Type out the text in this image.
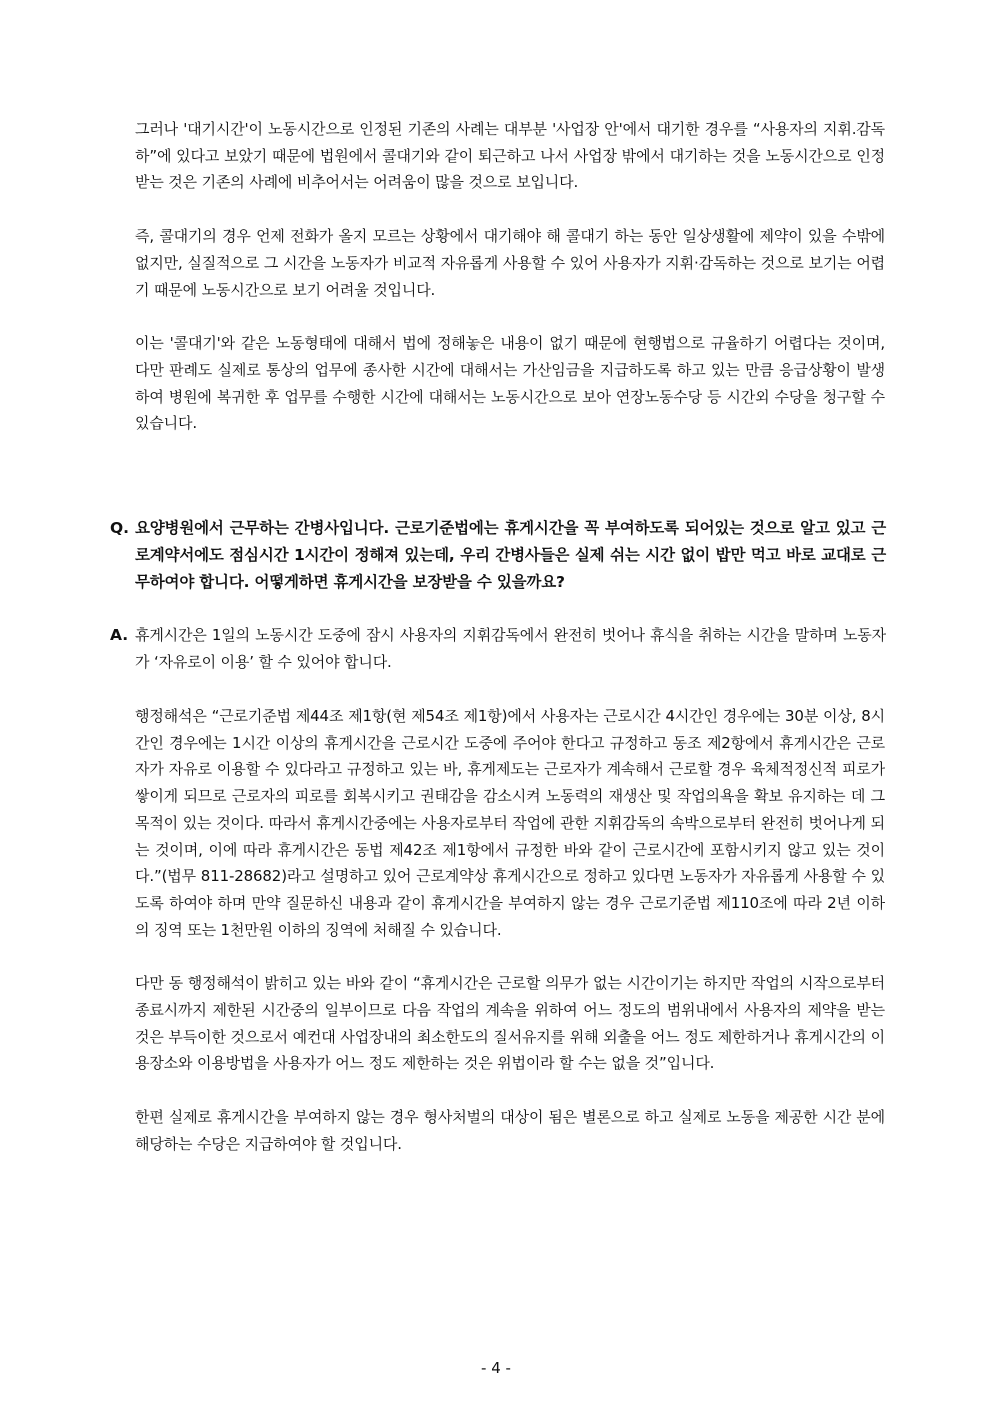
그러나 '대기시간'이 노동시간으로 인정된 기존의 사례는 대부분 '사업장 안'에서 대기한 경우를 “사용자의 지휘.감독 하”에 있다고 보았기 때문에 법원에서 콜대기와 같이 퇴근하고 나서 사업장 밖에서 대기하는 것을 노동시간으로 인정받는 것은 기존의 사례에 비추어서는 어려움이 많을 것으로 보입니다.

즉, 콜대기의 경우 언제 전화가 올지 모르는 상황에서 대기해야 해 콜대기 하는 동안 일상생활에 제약이 있을 수밖에 없지만, 실질적으로 그 시간을 노동자가 비교적 자유롭게 사용할 수 있어 사용자가 지휘·감독하는 것으로 보기는 어렵기 때문에 노동시간으로 보기 어려울 것입니다.

이는 '콜대기'와 같은 노동형태에 대해서 법에 정해놓은 내용이 없기 때문에 현행법으로 규율하기 어렵다는 것이며, 다만 판례도 실제로 통상의 업무에 종사한 시간에 대해서는 가산임금을 지급하도록 하고 있는 만큼 응급상황이 발생하여 병원에 복귀한 후 업무를 수행한 시간에 대해서는 노동시간으로 보아 연장노동수당 등 시간외 수당을 청구할 수 있습니다.

Q. 요양병원에서 근무하는 간병사입니다. 근로기준법에는 휴게시간을 꼭 부여하도록 되어있는 것으로 알고 있고 근로계약서에도 점심시간 1시간이 정해져 있는데, 우리 간병사들은 실제 쉬는 시간 없이 밥만 먹고 바로 교대로 근무하여야 합니다. 어떻게하면 휴게시간을 보장받을 수 있을까요?
A. 휴게시간은 1일의 노동시간 도중에 잠시 사용자의 지휘감독에서 완전히 벗어나 휴식을 취하는 시간을 말하며 노동자가 ‘자유로이 이용’ 할 수 있어야 합니다.

행정해석은 “근로기준법 제44조 제1항(현 제54조 제1항)에서 사용자는 근로시간 4시간인 경우에는 30분 이상, 8시간인 경우에는 1시간 이상의 휴게시간을 근로시간 도중에 주어야 한다고 규정하고 동조 제2항에서 휴게시간은 근로자가 자유로 이용할 수 있다라고 규정하고 있는 바, 휴게제도는 근로자가 계속해서 근로할 경우 육체적정신적 피로가 쌓이게 되므로 근로자의 피로를 회복시키고 권태감을 감소시켜 노동력의 재생산 및 작업의욕을 확보 유지하는 데 그 목적이 있는 것이다. 따라서 휴게시간중에는 사용자로부터 작업에 관한 지휘감독의 속박으로부터 완전히 벗어나게 되는 것이며, 이에 따라 휴게시간은 동법 제42조 제1항에서 규정한 바와 같이 근로시간에 포함시키지 않고 있는 것이다.”(법무 811-28682)라고 설명하고 있어 근로계약상 휴게시간으로 정하고 있다면 노동자가 자유롭게 사용할 수 있도록 하여야 하며 만약 질문하신 내용과 같이 휴게시간을 부여하지 않는 경우 근로기준법 제110조에 따라 2년 이하의 징역 또는 1천만원 이하의 징역에 처해질 수 있습니다.

다만 동 행정해석이 밝히고 있는 바와 같이 “휴게시간은 근로할 의무가 없는 시간이기는 하지만 작업의 시작으로부터 종료시까지 제한된 시간중의 일부이므로 다음 작업의 계속을 위하여 어느 정도의 범위내에서 사용자의 제약을 받는 것은 부득이한 것으로서 예컨대 사업장내의 최소한도의 질서유지를 위해 외출을 어느 정도 제한하거나 휴게시간의 이용장소와 이용방법을 사용자가 어느 정도 제한하는 것은 위법이라 할 수는 없을 것”입니다.

한편 실제로 휴게시간을 부여하지 않는 경우 형사처벌의 대상이 됨은 별론으로 하고 실제로 노동을 제공한 시간 분에 해당하는 수당은 지급하여야 할 것입니다.

- 4 -
